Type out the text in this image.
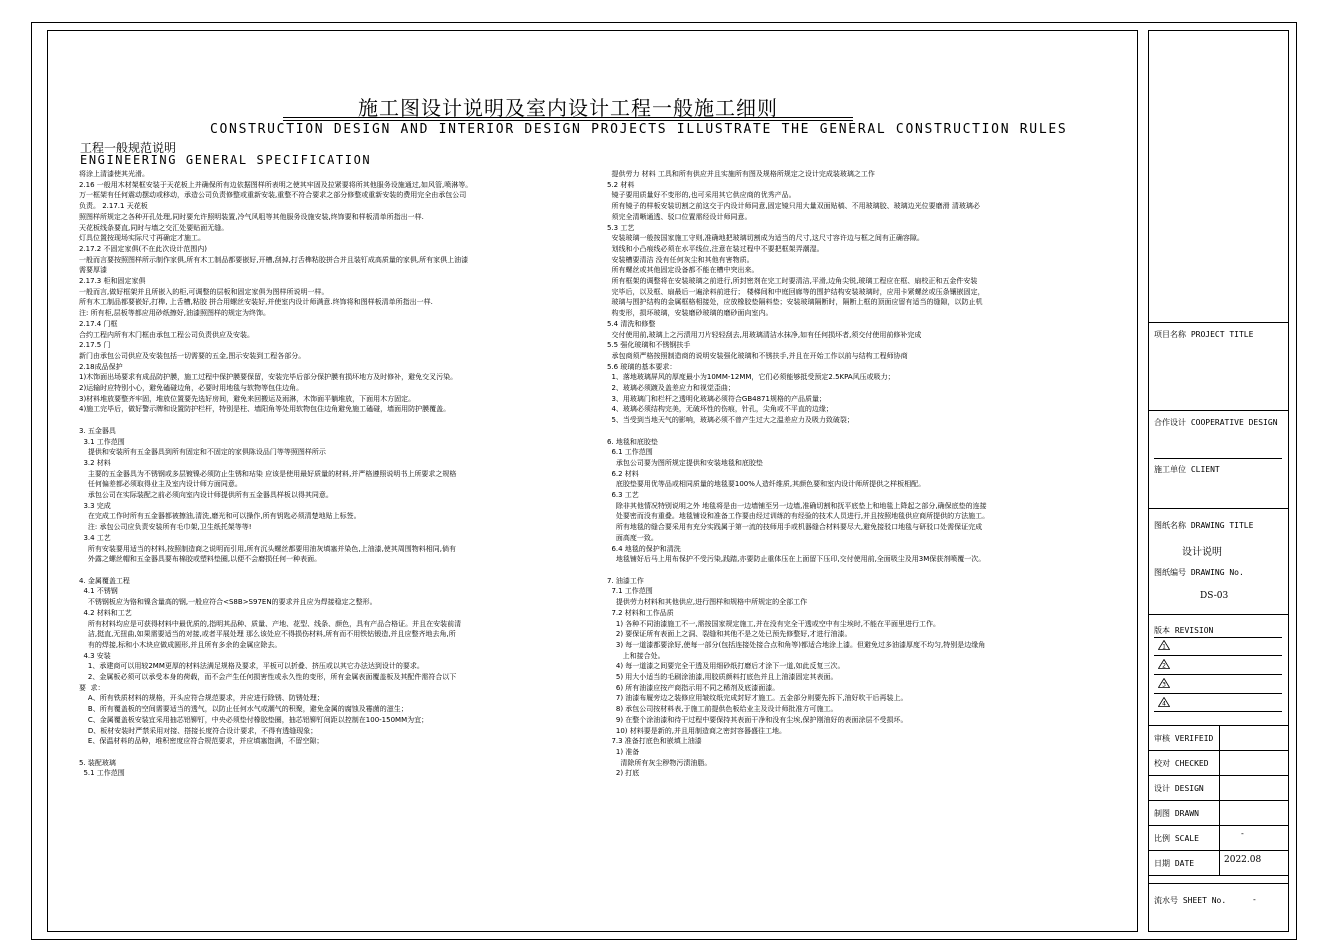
施工图设计说明及室内设计工程一般施工细则
CONSTRUCTION DESIGN AND INTERIOR DESIGN PROJECTS ILLUSTRATE THE GENERAL CONSTRUCTION RULES
工程一般规范说明
ENGINEERING GENERAL SPECIFICATION
将涂上清漆使其光滑。
2.16 一般用木材架框安装于天花板上并确保所有边依据图样所表明之使其牢固及拉紧要将所其他服务设施通过,如风管,喷淋等。
万一框架有任何震动摆动或移动，承造公司负责修整或重新安装,重整不符合要求之部分修整或重新安装的费用完全由承包公司
负责。 2.17.1 天花板
照图样所规定之各种开孔处理,同时要允许照明装置,冷气风咀等其他服务设施安装,终饰要和样板清单所指出一样.
天花板线条要直,同时与墙之交汇处要贴面无缝。
灯具位置按现场实际尺寸再确定才施工。
2.17.2 不固定家俱(不在此次设计范围内)
一般而言要按照图样所示制作家俱,所有木工制品都要嵌好,开槽,刮掉,打舌榫粘胶拼合并且装钉成高质量的家俱,所有家俱上油漆
需要厚漆
2.17.3 柜和固定家俱
一般而言,做好框架并且所嵌入的柜,可调整的层板和固定家俱为图样所说明一样。
所有木工制品都要嵌好,打榫, 上舌槽,粘胶 拼合用螺丝安装好,并使室内设计师满意.终饰将和图样板清单所指出一样.
注: 所有柜,层板等都应用砂纸擦好,油漆照图样的规定为终饰。
2.17.4 门框
合约工程内所有木门框由承包工程公司负责供应及安装。
2.17.5 门
新门由承包公司供应及安装包括一切需要的五金,图示安装到工程各部分。
2.18成品保护
1)木饰面出场要求有成品防护膜，施工过程中保护膜要保留，安装完毕后部分保护膜有损坏地方及时修补，避免交叉污染。
2)运输时应特别小心，避免磕碰边角，必要时用地毯与软物等包住边角。
3)材料堆放要整齐牢固，堆放位置要先选好房间，避免来回搬运及雨淋，木饰面平躺堆放，下面用木方固定。
4)施工完毕后，做好警示牌和设置防护栏杆，特别是柱、墙阳角等处用软物包住边角避免施工磕碰，墙面用防护膜覆盖。
3. 五金器具
3.1 工作范围
提供和安装所有五金器具到所有固定和不固定的家俱陈设品门等等照图样所示
3.2 材料
主要的五金器具为不锈钢或多层镀镍必须防止生锈和玷染 应该是使用最好质量的材料,并严格遵照说明书上所要求之规格
任何偏差都必须取得业主及室内设计师方面同意。
承包公司在实际装配之前必须向室内设计师提供所有五金器具样板以得其同意。
3.3 完成
在完成工作时所有五金器都被擦油,清洗,磨光和可以操作,所有钥匙必须清楚地贴上标签。
注: 承包公司应负责安装所有毛巾架,卫生纸托架等等!
3.4 工艺
所有安装要用适当的材料,按照制造商之说明而引用,所有沉头螺丝都要用油灰填塞并染色,上油漆,使其周围物料相同,倘有
外露之螺丝帽和五金器具要布棉胶或塑料垫圈,以便不会磨损任何一种表面。
4. 金属覆盖工程
4.1 不锈钢
不锈钢板应为铬和镍含量高的钢,一般应符合<S8B>S97EN的要求并且应为焊接稳定之整形。
4.2 材料和工艺
所有材料均应是可获得材料中最优质的,指明其品种、质量、产地、花型、线条、颜色，具有产品合格证。并且在安装前清
洁,挺直,无扭曲,如果需要适当的对接,或者平展处理 那么该处应不得损伤材料,所有而不用铁钻锻造,并且应整齐地去角,所
有的焊接,标和小木块应做成圆形,并且所有多余的金属应除去。
4.3 安装
1、承建商可以用较2MM更厚的材料法满足规格及要求，平板可以折叠、挤压或以其它办法达到设计的要求。
2、金属板必须可以承受本身的荷载，而不会产生任何损害性或永久性的变形，所有金属表面覆盖板及其配件需符合以下
要  求：
A、所有铁质材料的规格，开头应符合规范要求，并应进行除锈、防锈处理；
B、所有覆盖板的空间需要适当的透气，以防止任何水气或潮气的积聚，避免金属的腐蚀及霉菌的滋生；
C、金属覆盖板安装宜采用抽芯铝铆钉，中央必须垫付橡胶垫圈，抽芯铝铆钉间距以控制在100-150MM为宜；
D、板材安装时严禁采用对接、搭接长度符合设计要求，不得有透缝现象；
E、保温材料的品种，堆积密度应符合规范要求，并应填塞饱满，不留空隙；
5. 装配玻璃
5.1 工作范围
提供劳力 材料 工具和所有供应并且实施所有图及规格所规定之设计完成装玻璃之工作
5.2 材料
镜子要用质量好不变形的,也可采用其它供应商的优秀产品。
所有镜子的样板安装切割之前这交于内设计师同意,固定镜只用大量双面贴稿、不用玻璃胶、玻璃边光位要磨滑 清玻璃必
须完全清晰通透、驳口位置需经设计师同意。
5.3 工艺
安装玻璃一般按国家施工守则,准确地把玻璃切割成为适当的尺寸,这尺寸容许边与框之间有正确容隙。
划线和小凸痕线必须在水平线位,注意在装过程中不要把框架弄潮湿。
安装槽要清洁 没有任何灰尘和其他有害物质。
所有螺丝或其他固定设备都不能在槽中突出来。
所有框架的调整将在安装玻璃之前进行,所封密剂在完工时要清洁,平滑,边角尖锐,玻璃工程应在框、扇校正和五金件安装
完毕后，以及框、扇最后一遍涂料前进行； 楼梯间和中庭回廊等的围护结构安装玻璃时，应用卡紧螺丝或压条镶嵌固定，
玻璃与围护结构的金属框格相接处，应放橡胶垫隔料垫；安装玻璃隔断时，隔断上框的顶面应留有适当的缝隙，以防止机
构变形，损坏玻璃，安装磨砂玻璃的磨砂面向室内。
5.4 清洗和修整
交付使用前,玻璃上之污渍用刀片轻轻刮去,用玻璃清洁水抹净,如有任何损坏者,须交付使用前修补完成
5.5 强化玻璃和不锈钢扶手
承包商须严格按照制造商的说明安装强化玻璃和不锈扶手,并且在开始工作以前与结构工程师协商
5.6 玻璃的基本要求：
1、落地玻璃屏风的厚度最小为10MM-12MM，它们必须能够抵受预定2.5KPA风压或吸力；
2、玻璃必须踱及盖差应力和视觉歪曲；
3、用玻璃门和栏杆之透明化玻璃必须符合GB4871规格的产品质量；
4、玻璃必须结构完美，无破坏性的伤痕，针孔，尖角或不平直的边缘；
5、当受到当地天气的影响，玻璃必须不曾产生过大之温差应力及吸力致破裂；
6. 地毯和底胶垫
6.1 工作范围
承包公司要为图所规定提供和安装地毯和底胶垫
6.2 材料
底胶垫要用优等品或相同质量的地毯要100%人造纤维质,其颜色要和室内设计师所提供之样板相配。
6.3 工艺
除非其他情况特别说明之外 地毯将是由一边墙铺至另一边墙,准确切割和抚平底垫上和地毯上降起之部分,确保底垫的连接
处要密而没有重叠。地毯铺设和准备工作要由经过训练的有经验的技术人员进行,并且按照地毯供应商所提供的方法施工。
所有地毯的缝合要采用有充分实践属于第一流的技师用手或机器缝合材料要尽大,避免接驳口地毯与研驳口处需保证完成
面高度一致。
6.4 地毯的保护和清洗
地毯铺好后马上用布保护不受污染,践踏,亦要防止重体压在上面留下压印,交付使用前,全面吸尘及用3M保获剂喷覆一次。
7. 油漆工作
7.1 工作范围
提供劳力材料和其他供应,进行图样和规格中所规定的全部工作
7.2 材料和工作品质
1) 各种不同油漆施工不一,需按国家规定施工,并在没有完全干透或空中有尘埃时,不能在平面里进行工作。
2) 要保证所有表面上之洞、裂缝和其他不是之处已预先修整好,才进行油漆。
3) 每一道漆都要涂好,使每一部分(包括连接处接合点和角等)都适合地涂上漆。但避免过多油漆厚度不均匀,特别是边缘角
上和接合处。
4) 每一道漆之间要完全干透及用细砂纸打磨后才涂下一道,如此反复三次。
5) 用大小适当的毛刷涂油漆,用胶质颜料打底色并且上油漆固定其表面。
6) 所有油漆应按产商指示用不同之稀剂及底漆面漆。
7) 油漆布履旁边之装修应用皱纹纸完成封好才施工。五金部分则要先拆下,油好吹干后再装上。
8) 承包公司按材料表,于施工前提供色板给业主及设计师批准方可施工。
9) 在整个涂油漆和待干过程中要保持其表面干净和没有尘埃,保护刚油好的表面涂层不受损坏。
10) 材料要是新的,并且用制造商之密封容器盛往工地。
7.3 准备打底色和嵌填上油漆
1) 准备
清除所有灰尘秽物污渍油脂。
2) 打底
项目名称 PROJECT TITLE
合作设计 COOPERATIVE DESIGN
施工单位 CLIENT
图纸名称 DRAWING TITLE
设计说明
图纸编号 DRAWING No.
DS-03
版本 REVISION
1
2
3
4
审核 VERIFEID
校对 CHECKED
设计 DESIGN
制图 DRAWN
比例 SCALE
-
日期 DATE	2022.08
流水号 SHEET No.	-
